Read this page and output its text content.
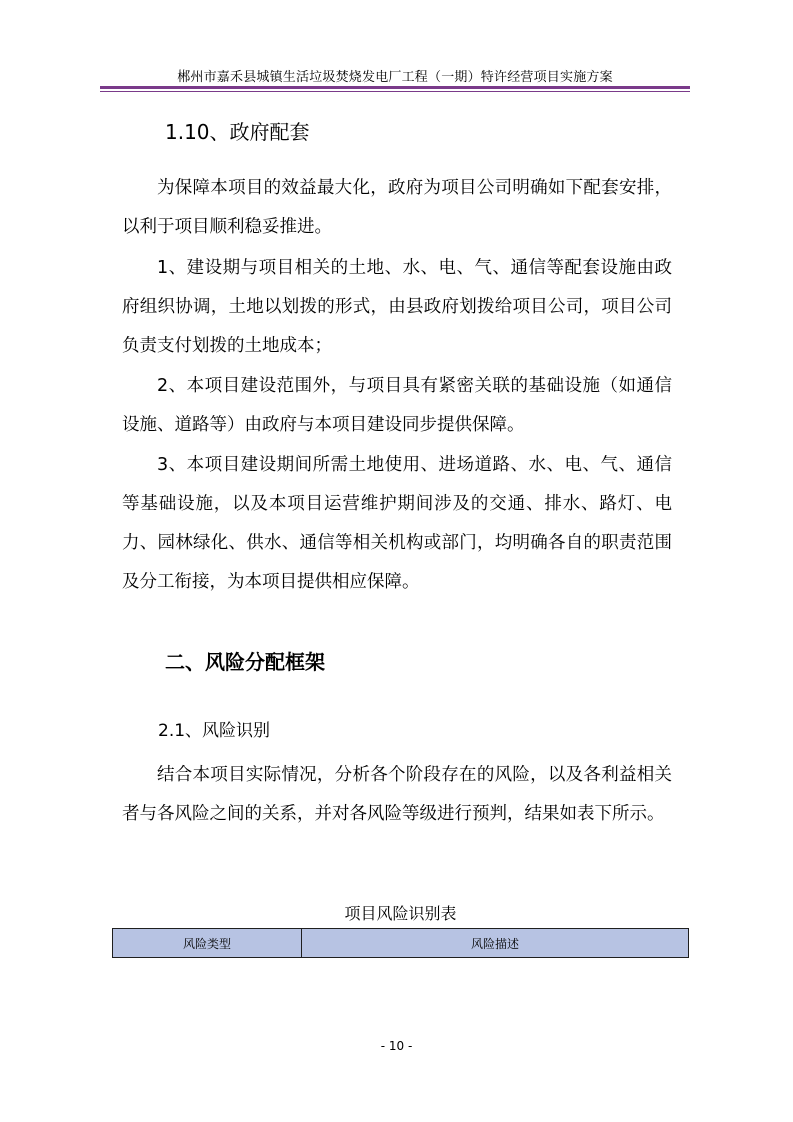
郴州市嘉禾县城镇生活垃圾焚烧发电厂工程（一期）特许经营项目实施方案
1.10、政府配套

为保障本项目的效益最大化，政府为项目公司明确如下配套安排，以利于项目顺利稳妥推进。

1、建设期与项目相关的土地、水、电、气、通信等配套设施由政府组织协调，土地以划拨的形式，由县政府划拨给项目公司，项目公司负责支付划拨的土地成本；

2、本项目建设范围外，与项目具有紧密关联的基础设施（如通信设施、道路等）由政府与本项目建设同步提供保障。

3、本项目建设期间所需土地使用、进场道路、水、电、气、通信等基础设施，以及本项目运营维护期间涉及的交通、排水、路灯、电力、园林绿化、供水、通信等相关机构或部门，均明确各自的职责范围及分工衔接，为本项目提供相应保障。

二、风险分配框架
2.1、风险识别

结合本项目实际情况，分析各个阶段存在的风险，以及各利益相关者与各风险之间的关系，并对各风险等级进行预判，结果如表下所示。

项目风险识别表
风险类型	风险描述
- 10 -
